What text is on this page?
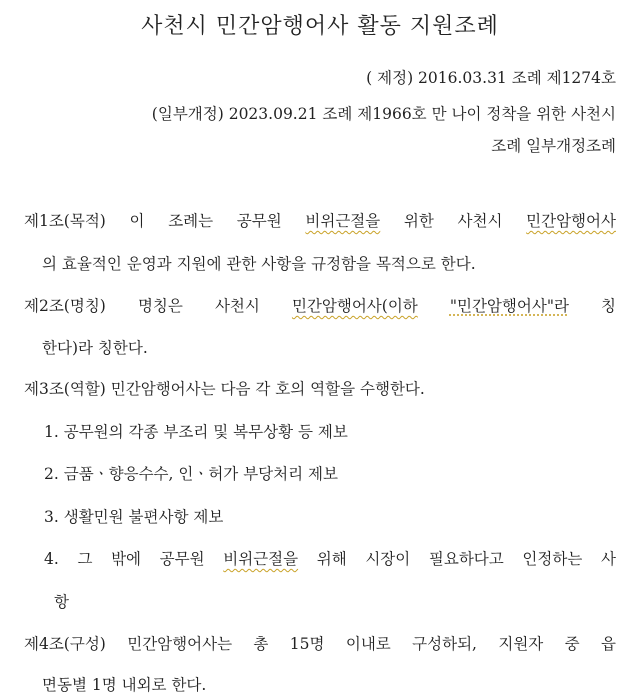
사천시 민간암행어사 활동 지원조례
( 제정) 2016.03.31 조례 제1274호
(일부개정) 2023.09.21 조례 제1966호 만 나이 정착을 위한 사천시
조례 일부개정조례
제1조(목적) 이 조례는 공무원 비위근절을 위한 사천시 민간암행어사
의 효율적인 운영과 지원에 관한 사항을 규정함을 목적으로 한다.
제2조(명칭) 명칭은 사천시 민간암행어사(이하 "민간암행어사"라 칭
한다)라 칭한다.
제3조(역할) 민간암행어사는 다음 각 호의 역할을 수행한다.
1. 공무원의 각종 부조리 및 복무상황 등 제보
2. 금품ㆍ향응수수, 인ㆍ허가 부당처리 제보
3. 생활민원 불편사항 제보
4. 그 밖에 공무원 비위근절을 위해 시장이 필요하다고 인정하는 사
항
제4조(구성) 민간암행어사는 총 15명 이내로 구성하되, 지원자 중 읍
면동별 1명 내외로 한다.
